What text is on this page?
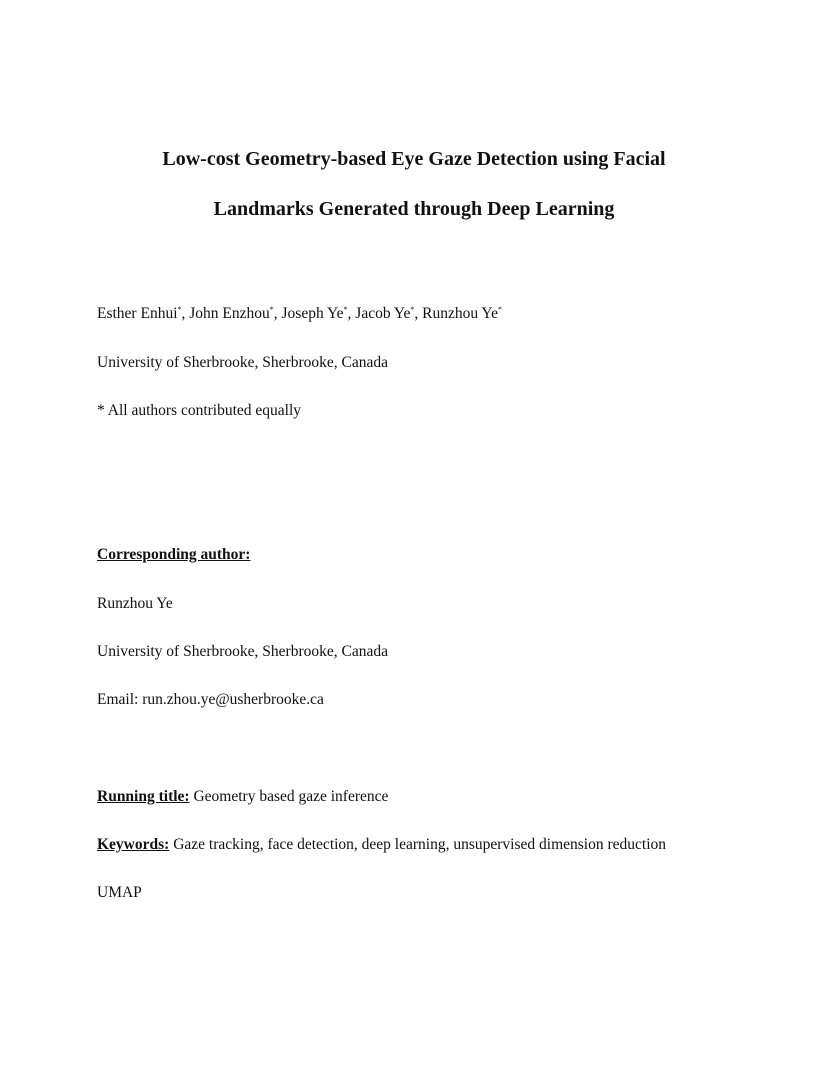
Low-cost Geometry-based Eye Gaze Detection using Facial
Landmarks Generated through Deep Learning
Esther Enhui*, John Enzhou*, Joseph Ye*, Jacob Ye*, Runzhou Ye*
University of Sherbrooke, Sherbrooke, Canada
* All authors contributed equally
Corresponding author:
Runzhou Ye
University of Sherbrooke, Sherbrooke, Canada
Email: run.zhou.ye@usherbrooke.ca
Running title: Geometry based gaze inference
Keywords: Gaze tracking, face detection, deep learning, unsupervised dimension reduction
UMAP
